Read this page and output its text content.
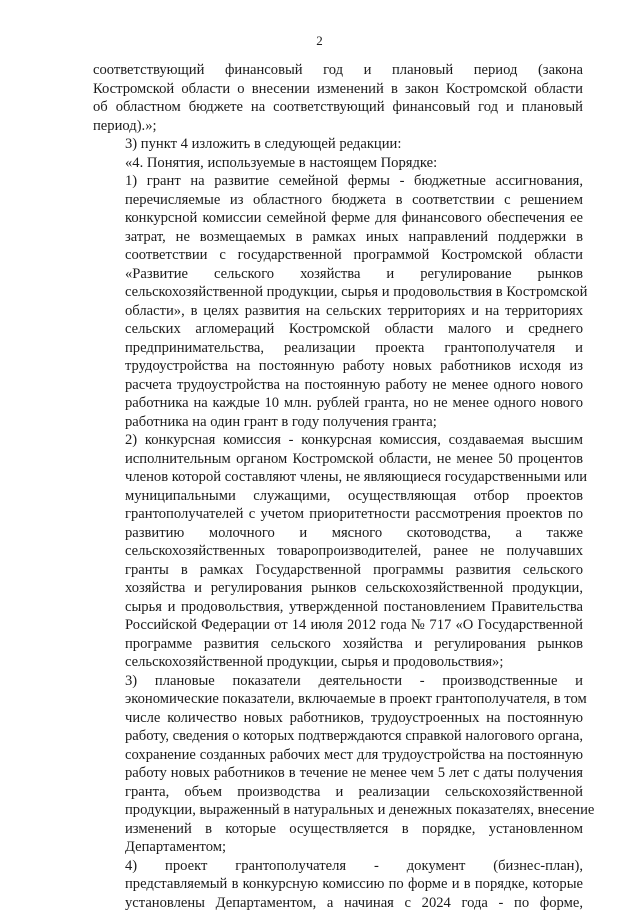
2
соответствующий финансовый год и плановый период (закона
Костромской области о внесении изменений в закон Костромской области
об областном бюджете на соответствующий финансовый год и плановый
период).»;
3) пункт 4 изложить в следующей редакции:
«4. Понятия, используемые в настоящем Порядке:
1) грант на развитие семейной фермы - бюджетные ассигнования,
перечисляемые из областного бюджета в соответствии с решением
конкурсной комиссии семейной ферме для финансового обеспечения ее
затрат, не возмещаемых в рамках иных направлений поддержки в
соответствии с государственной программой Костромской области
«Развитие сельского хозяйства и регулирование рынков
сельскохозяйственной продукции, сырья и продовольствия в Костромской
области», в целях развития на сельских территориях и на территориях
сельских агломераций Костромской области малого и среднего
предпринимательства, реализации проекта грантополучателя и
трудоустройства на постоянную работу новых работников исходя из
расчета трудоустройства на постоянную работу не менее одного нового
работника на каждые 10 млн. рублей гранта, но не менее одного нового
работника на один грант в году получения гранта;
2) конкурсная комиссия - конкурсная комиссия, создаваемая высшим
исполнительным органом Костромской области, не менее 50 процентов
членов которой составляют члены, не являющиеся государственными или
муниципальными служащими, осуществляющая отбор проектов
грантополучателей с учетом приоритетности рассмотрения проектов по
развитию молочного и мясного скотоводства, а также
сельскохозяйственных товаропроизводителей, ранее не получавших
гранты в рамках Государственной программы развития сельского
хозяйства и регулирования рынков сельскохозяйственной продукции,
сырья и продовольствия, утвержденной постановлением Правительства
Российской Федерации от 14 июля 2012 года № 717 «О Государственной
программе развития сельского хозяйства и регулирования рынков
сельскохозяйственной продукции, сырья и продовольствия»;
3) плановые показатели деятельности - производственные и
экономические показатели, включаемые в проект грантополучателя, в том
числе количество новых работников, трудоустроенных на постоянную
работу, сведения о которых подтверждаются справкой налогового органа,
сохранение созданных рабочих мест для трудоустройства на постоянную
работу новых работников в течение не менее чем 5 лет с даты получения
гранта, объем производства и реализации сельскохозяйственной
продукции, выраженный в натуральных и денежных показателях, внесение
изменений в которые осуществляется в порядке, установленном
Департаментом;
4) проект грантополучателя - документ (бизнес-план),
представляемый в конкурсную комиссию по форме и в порядке, которые
установлены Департаментом, а начиная с 2024 года - по форме,
